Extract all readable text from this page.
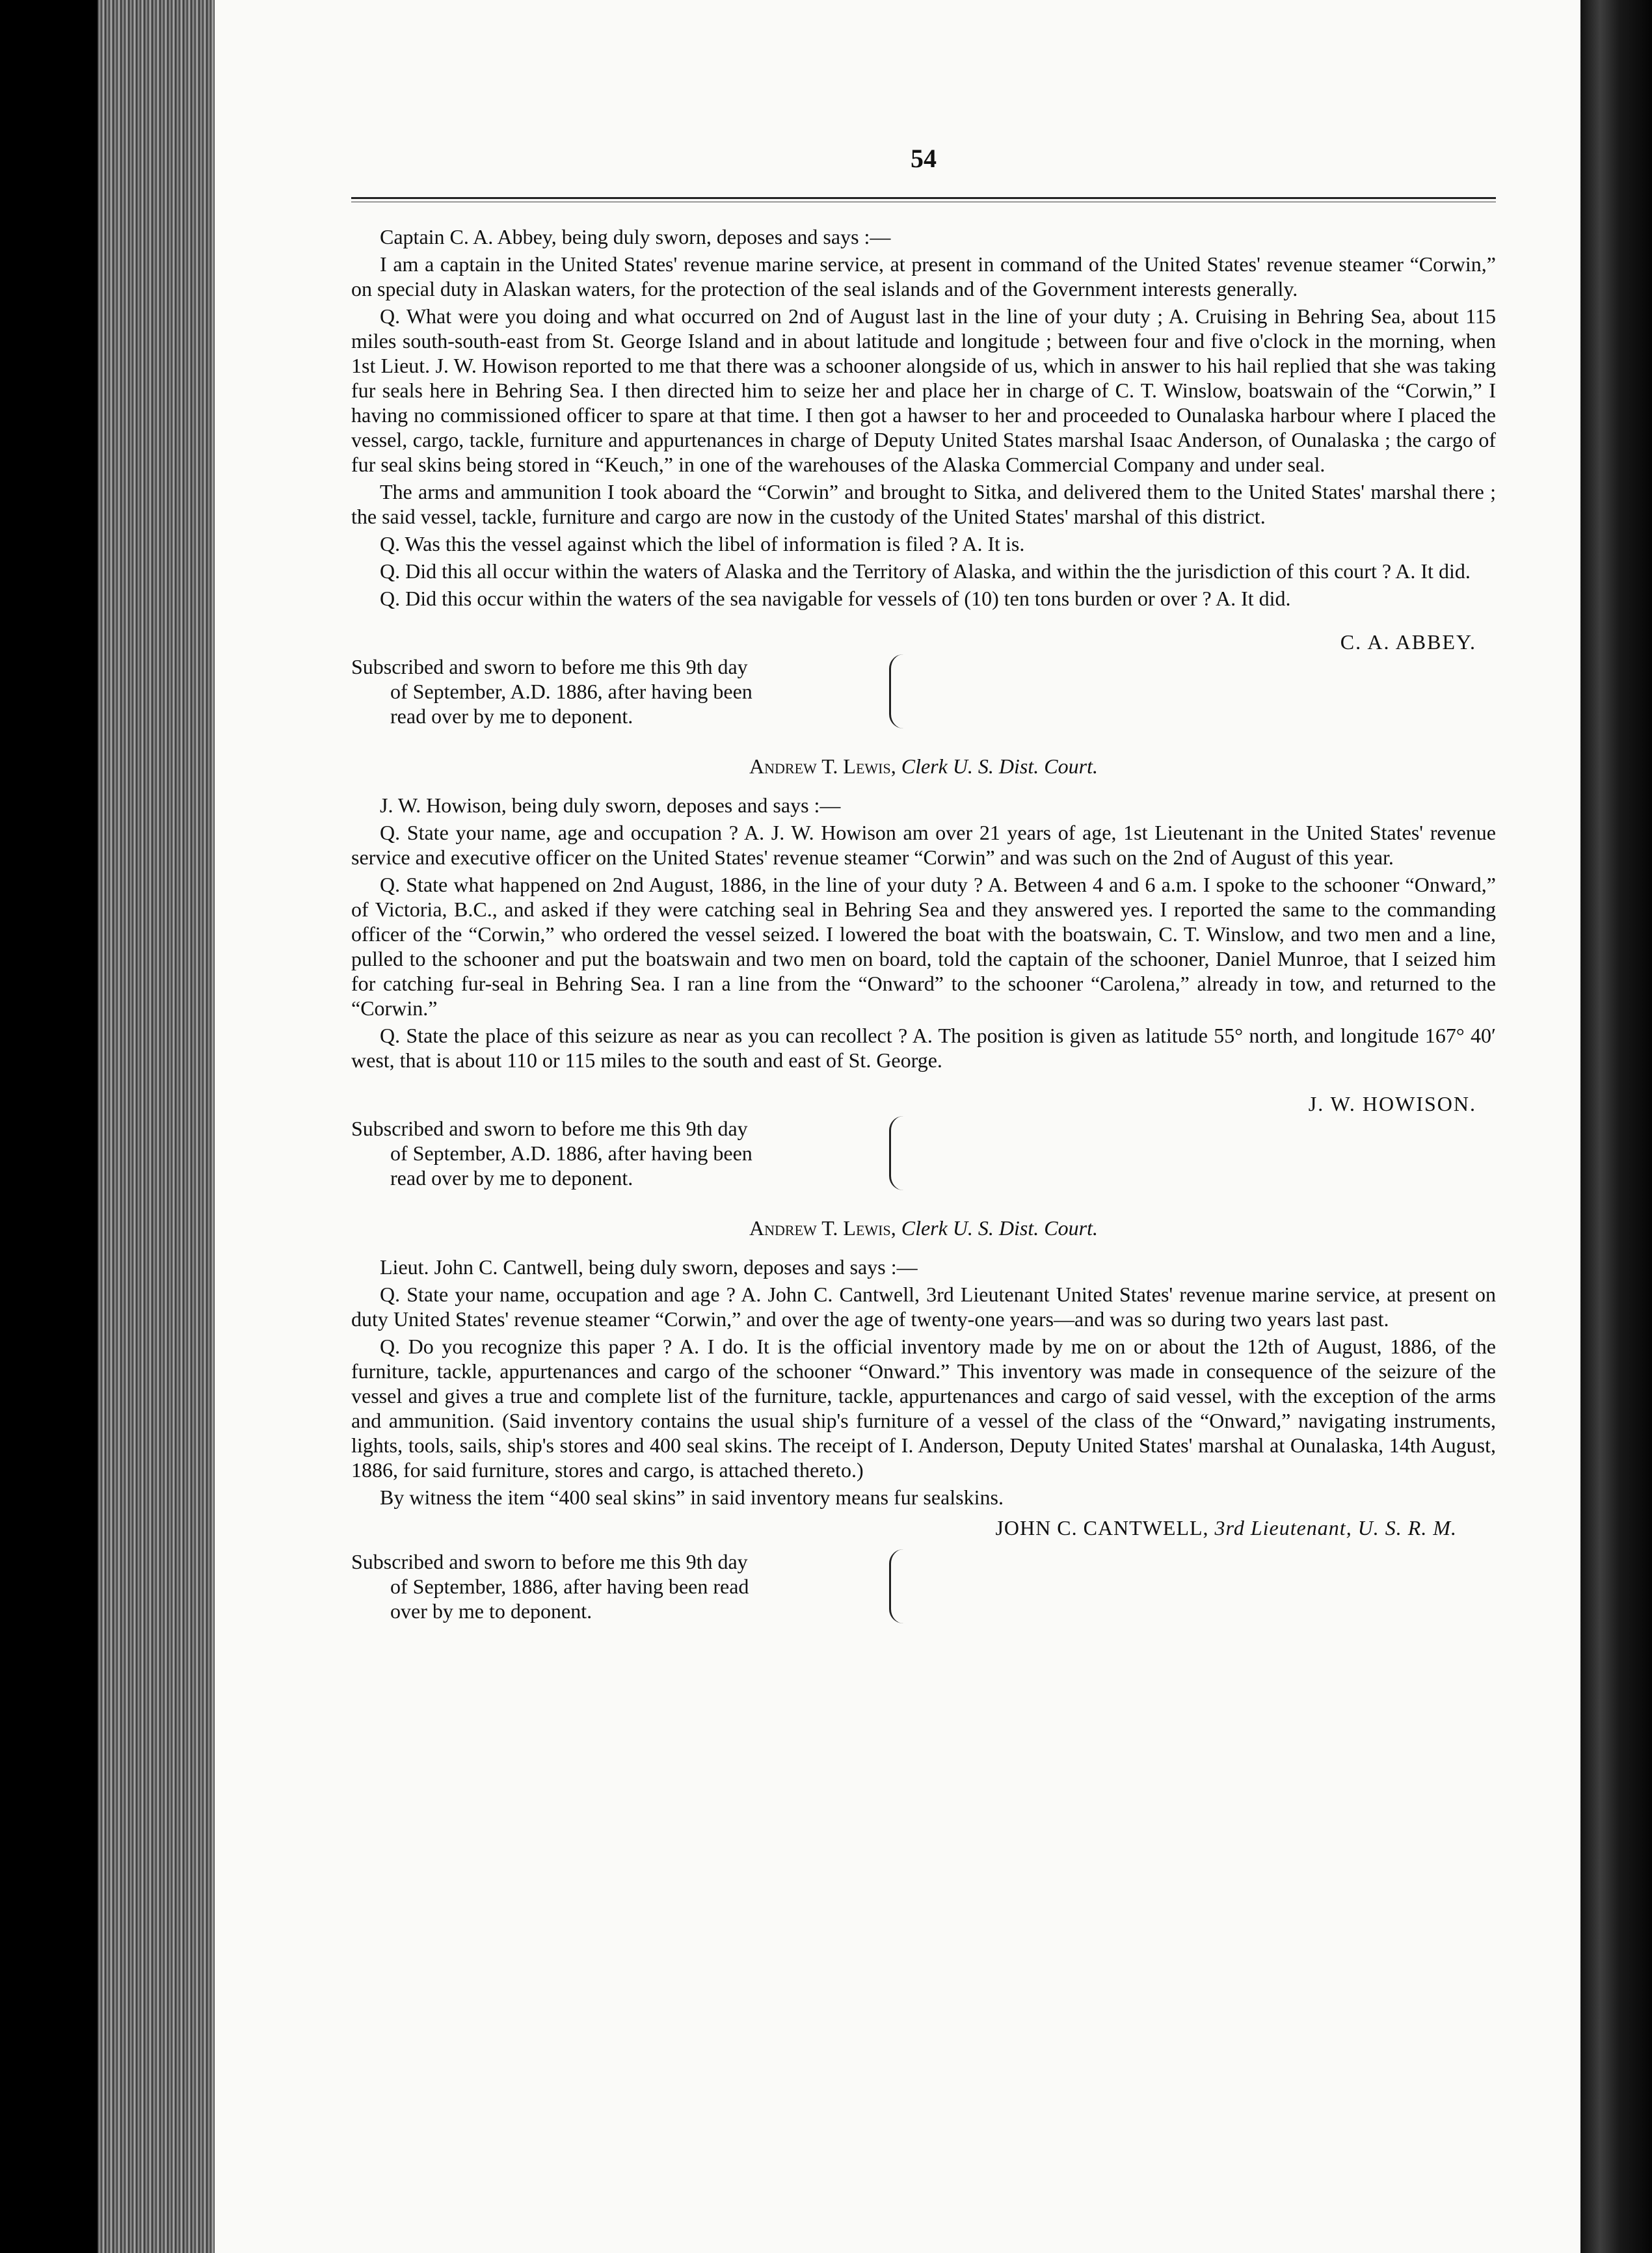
54

Captain C. A. Abbey, being duly sworn, deposes and says :—

I am a captain in the United States' revenue marine service, at present in command of the United States' revenue steamer “Corwin,” on special duty in Alaskan waters, for the protection of the seal islands and of the Government interests generally.

Q. What were you doing and what occurred on 2nd of August last in the line of your duty ; A. Cruising in Behring Sea, about 115 miles south-south-east from St. George Island and in about latitude and longitude ; between four and five o'clock in the morning, when 1st Lieut. J. W. Howison reported to me that there was a schooner alongside of us, which in answer to his hail replied that she was taking fur seals here in Behring Sea. I then directed him to seize her and place her in charge of C. T. Winslow, boatswain of the “Corwin,” I having no commissioned officer to spare at that time. I then got a hawser to her and proceeded to Ounalaska harbour where I placed the vessel, cargo, tackle, furniture and appurtenances in charge of Deputy United States marshal Isaac Anderson, of Ounalaska ; the cargo of fur seal skins being stored in “Keuch,” in one of the warehouses of the Alaska Commercial Company and under seal.

The arms and ammunition I took aboard the “Corwin” and brought to Sitka, and delivered them to the United States' marshal there ; the said vessel, tackle, furniture and cargo are now in the custody of the United States' marshal of this district.

Q. Was this the vessel against which the libel of information is filed ? A. It is.

Q. Did this all occur within the waters of Alaska and the Territory of Alaska, and within the the jurisdiction of this court ? A. It did.

Q. Did this occur within the waters of the sea navigable for vessels of (10) ten tons burden or over ? A. It did.

C. A. ABBEY.
Subscribed and sworn to before me this 9th day
of September, A.D. 1886, after having been
read over by me to deponent.
Andrew T. Lewis, Clerk U. S. Dist. Court.

J. W. Howison, being duly sworn, deposes and says :—

Q. State your name, age and occupation ? A. J. W. Howison am over 21 years of age, 1st Lieutenant in the United States' revenue service and executive officer on the United States' revenue steamer “Corwin” and was such on the 2nd of August of this year.

Q. State what happened on 2nd August, 1886, in the line of your duty ? A. Between 4 and 6 a.m. I spoke to the schooner “Onward,” of Victoria, B.C., and asked if they were catching seal in Behring Sea and they answered yes. I reported the same to the commanding officer of the “Corwin,” who ordered the vessel seized. I lowered the boat with the boatswain, C. T. Winslow, and two men and a line, pulled to the schooner and put the boatswain and two men on board, told the captain of the schooner, Daniel Munroe, that I seized him for catching fur-seal in Behring Sea. I ran a line from the “Onward” to the schooner “Carolena,” already in tow, and returned to the “Corwin.”

Q. State the place of this seizure as near as you can recollect ? A. The position is given as latitude 55° north, and longitude 167° 40′ west, that is about 110 or 115 miles to the south and east of St. George.

J. W. HOWISON.
Subscribed and sworn to before me this 9th day
of September, A.D. 1886, after having been
read over by me to deponent.
Andrew T. Lewis, Clerk U. S. Dist. Court.

Lieut. John C. Cantwell, being duly sworn, deposes and says :—

Q. State your name, occupation and age ? A. John C. Cantwell, 3rd Lieutenant United States' revenue marine service, at present on duty United States' revenue steamer “Corwin,” and over the age of twenty-one years—and was so during two years last past.

Q. Do you recognize this paper ? A. I do. It is the official inventory made by me on or about the 12th of August, 1886, of the furniture, tackle, appurtenances and cargo of the schooner “Onward.” This inventory was made in consequence of the seizure of the vessel and gives a true and complete list of the furniture, tackle, appurtenances and cargo of said vessel, with the exception of the arms and ammunition. (Said inventory contains the usual ship's furniture of a vessel of the class of the “Onward,” navigating instruments, lights, tools, sails, ship's stores and 400 seal skins. The receipt of I. Anderson, Deputy United States' marshal at Ounalaska, 14th August, 1886, for said furniture, stores and cargo, is attached thereto.)

By witness the item “400 seal skins” in said inventory means fur sealskins.

JOHN C. CANTWELL, 3rd Lieutenant, U. S. R. M.
Subscribed and sworn to before me this 9th day
of September, 1886, after having been read
over by me to deponent.
